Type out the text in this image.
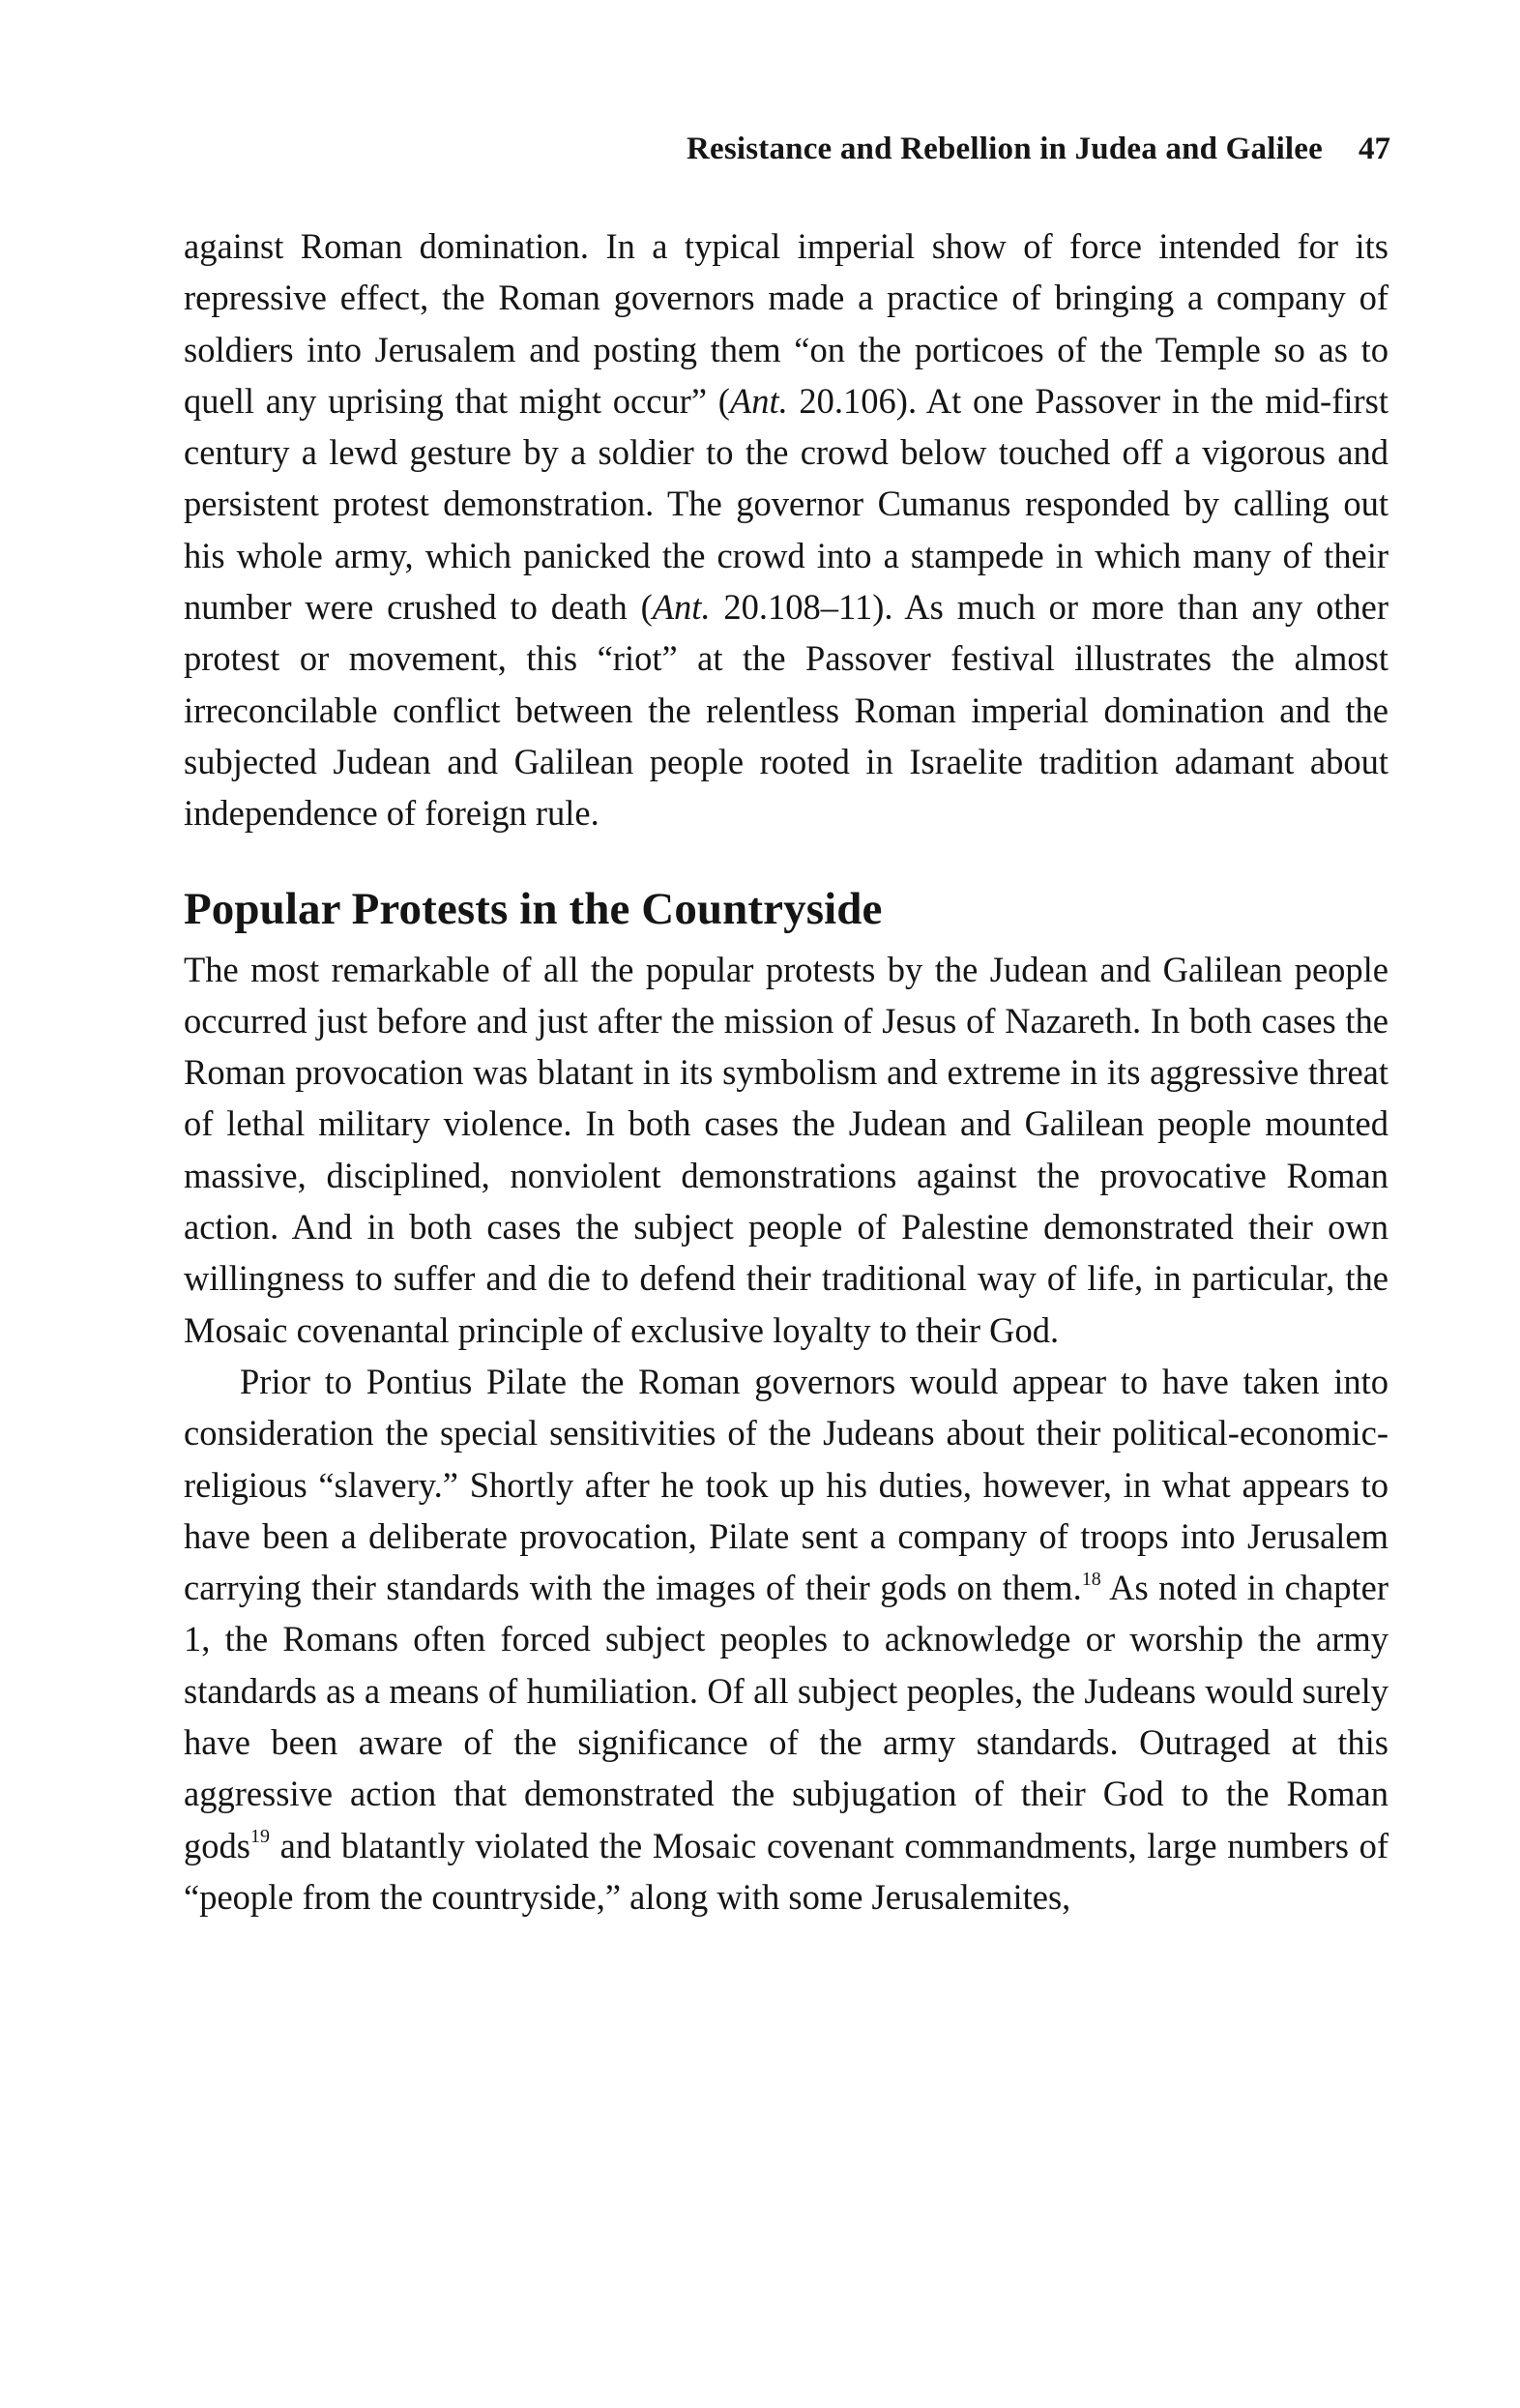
Resistance and Rebellion in Judea and Galilee 47

against Roman domination. In a typical imperial show of force intended for its repressive effect, the Roman governors made a practice of bringing a company of soldiers into Jerusalem and posting them “on the porticoes of the Temple so as to quell any uprising that might occur” (Ant. 20.106). At one Passover in the mid-first century a lewd gesture by a soldier to the crowd below touched off a vigorous and persistent protest demonstration. The governor Cumanus responded by calling out his whole army, which panicked the crowd into a stampede in which many of their number were crushed to death (Ant. 20.108–11). As much or more than any other protest or movement, this “riot” at the Passover festival illustrates the almost irreconcilable conflict between the relentless Roman imperial domination and the subjected Judean and Galilean people rooted in Israelite tradition adamant about independence of foreign rule.

Popular Protests in the Countryside

The most remarkable of all the popular protests by the Judean and Galilean people occurred just before and just after the mission of Jesus of Nazareth. In both cases the Roman provocation was blatant in its symbolism and extreme in its aggressive threat of lethal military violence. In both cases the Judean and Galilean people mounted massive, disciplined, nonviolent demonstrations against the provocative Roman action. And in both cases the subject people of Palestine demonstrated their own willingness to suffer and die to defend their traditional way of life, in particular, the Mosaic covenantal principle of exclusive loyalty to their God.

Prior to Pontius Pilate the Roman governors would appear to have taken into consideration the special sensitivities of the Judeans about their political-economic-religious “slavery.” Shortly after he took up his duties, however, in what appears to have been a deliberate provocation, Pilate sent a company of troops into Jerusalem carrying their standards with the images of their gods on them.$^{18}$ As noted in chapter 1, the Romans often forced subject peoples to acknowledge or worship the army standards as a means of humiliation. Of all subject peoples, the Judeans would surely have been aware of the significance of the army standards. Outraged at this aggressive action that demonstrated the subjugation of their God to the Roman gods$^{19}$ and blatantly violated the Mosaic covenant commandments, large numbers of “people from the countryside,” along with some Jerusalemites,
